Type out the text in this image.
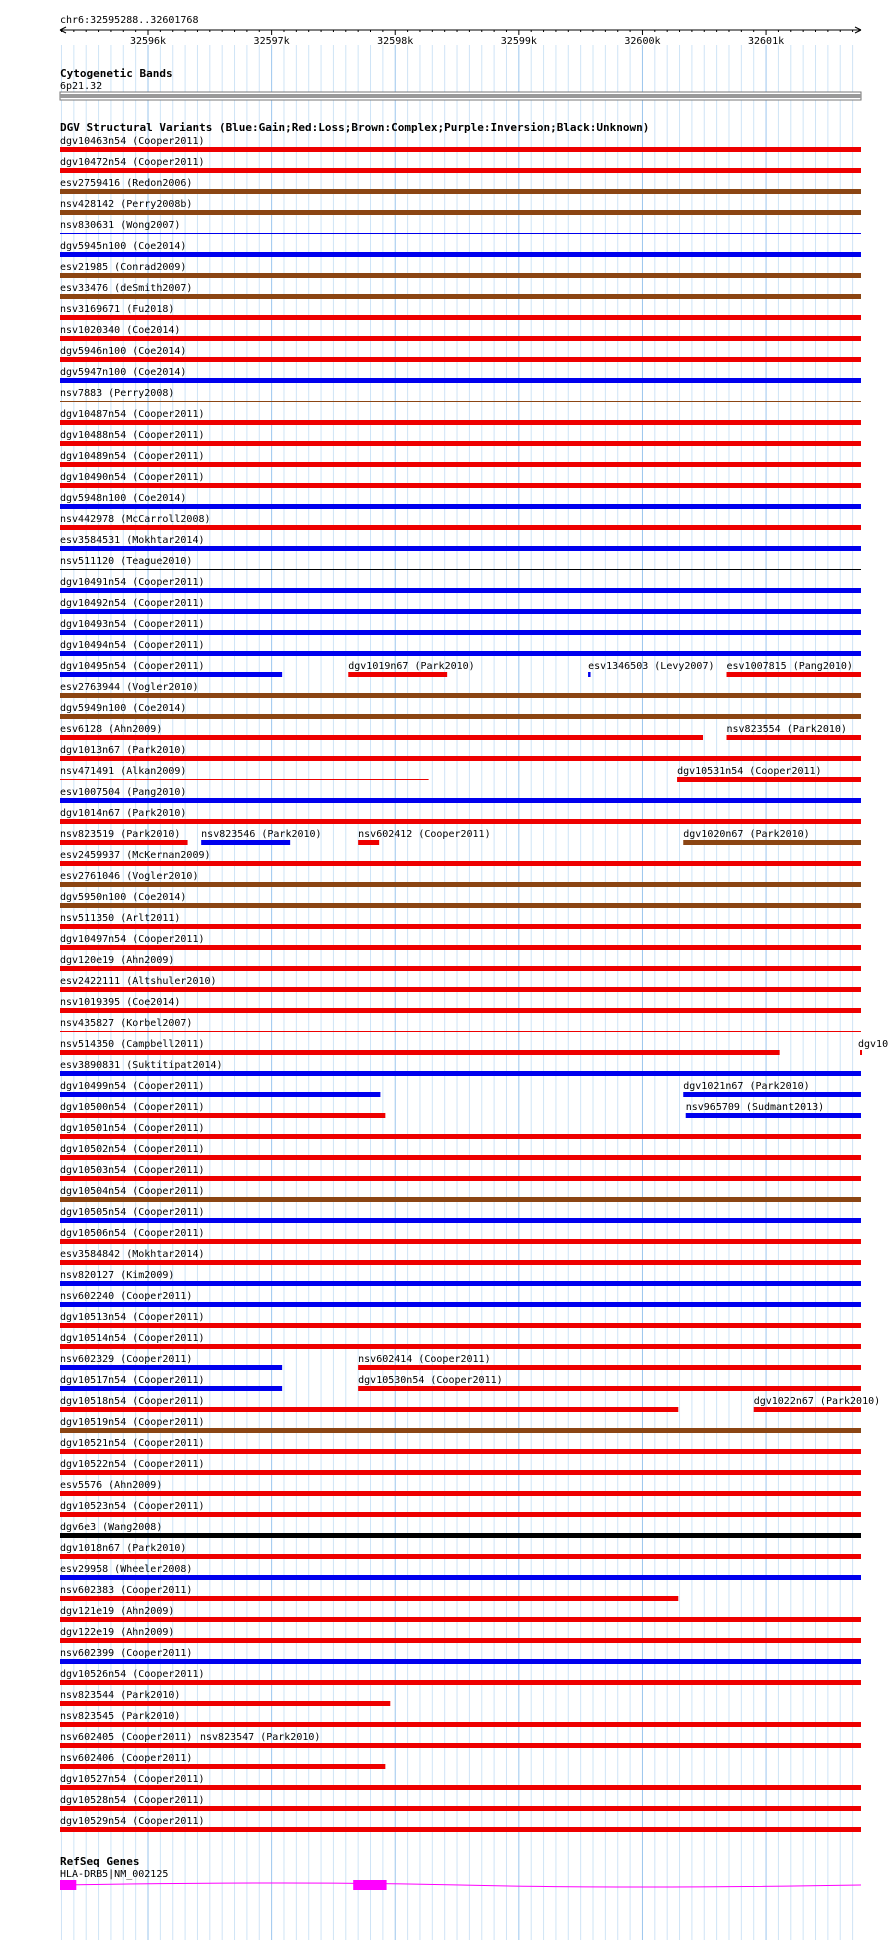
chr6:32595288..32601768
32596k	32597k	32598k	32599k	32600k	32601k
Cytogenetic Bands
6p21.32
DGV Structural Variants (Blue:Gain;Red:Loss;Brown:Complex;Purple:Inversion;Black:Unknown)
dgv10463n54 (Cooper2011)
dgv10472n54 (Cooper2011)
esv2759416 (Redon2006)
nsv428142 (Perry2008b)
nsv830631 (Wong2007)
dgv5945n100 (Coe2014)
esv21985 (Conrad2009)
esv33476 (deSmith2007)
nsv3169671 (Fu2018)
nsv1020340 (Coe2014)
dgv5946n100 (Coe2014)
dgv5947n100 (Coe2014)
nsv7883 (Perry2008)
dgv10487n54 (Cooper2011)
dgv10488n54 (Cooper2011)
dgv10489n54 (Cooper2011)
dgv10490n54 (Cooper2011)
dgv5948n100 (Coe2014)
nsv442978 (McCarroll2008)
esv3584531 (Mokhtar2014)
nsv511120 (Teague2010)
dgv10491n54 (Cooper2011)
dgv10492n54 (Cooper2011)
dgv10493n54 (Cooper2011)
dgv10494n54 (Cooper2011)
dgv10495n54 (Cooper2011)	dgv1019n67 (Park2010)	esv1346503 (Levy2007) esv1007815 (Pang2010)
esv2763944 (Vogler2010)
dgv5949n100 (Coe2014)
esv6128 (Ahn2009)	nsv823554 (Park2010)
dgv1013n67 (Park2010)
nsv471491 (Alkan2009)	dgv10531n54 (Cooper2011)
esv1007504 (Pang2010)
dgv1014n67 (Park2010)
nsv823519 (Park2010) nsv823546 (Park2010)	nsv602412 (Cooper2011)	dgv1020n67 (Park2010)
esv2459937 (McKernan2009)
esv2761046 (Vogler2010)
dgv5950n100 (Coe2014)
nsv511350 (Arlt2011)
dgv10497n54 (Cooper2011)
dgv120e19 (Ahn2009)
esv2422111 (Altshuler2010)
nsv1019395 (Coe2014)
nsv435827 (Korbel2007)
nsv514350 (Campbell2011)	dgv10
esv3890831 (Suktitipat2014)
dgv10499n54 (Cooper2011)	dgv1021n67 (Park2010)
dgv10500n54 (Cooper2011)	nsv965709 (Sudmant2013)
dgv10501n54 (Cooper2011)
dgv10502n54 (Cooper2011)
dgv10503n54 (Cooper2011)
dgv10504n54 (Cooper2011)
dgv10505n54 (Cooper2011)
dgv10506n54 (Cooper2011)
esv3584842 (Mokhtar2014)
nsv820127 (Kim2009)
nsv602240 (Cooper2011)
dgv10513n54 (Cooper2011)
dgv10514n54 (Cooper2011)
nsv602329 (Cooper2011)	nsv602414 (Cooper2011)
dgv10517n54 (Cooper2011)	dgv10530n54 (Cooper2011)
dgv10518n54 (Cooper2011)	dgv1022n67 (Park2010)
dgv10519n54 (Cooper2011)
dgv10521n54 (Cooper2011)
dgv10522n54 (Cooper2011)
esv5576 (Ahn2009)
dgv10523n54 (Cooper2011)
dgv6e3 (Wang2008)
dgv1018n67 (Park2010)
esv29958 (Wheeler2008)
nsv602383 (Cooper2011)
dgv121e19 (Ahn2009)
dgv122e19 (Ahn2009)
nsv602399 (Cooper2011)
dgv10526n54 (Cooper2011)
nsv823544 (Park2010)
nsv823545 (Park2010)
nsv602405 (Cooper2011) nsv823547 (Park2010)
nsv602406 (Cooper2011)
dgv10527n54 (Cooper2011)
dgv10528n54 (Cooper2011)
dgv10529n54 (Cooper2011)
RefSeq Genes
HLA-DRB5|NM_002125
